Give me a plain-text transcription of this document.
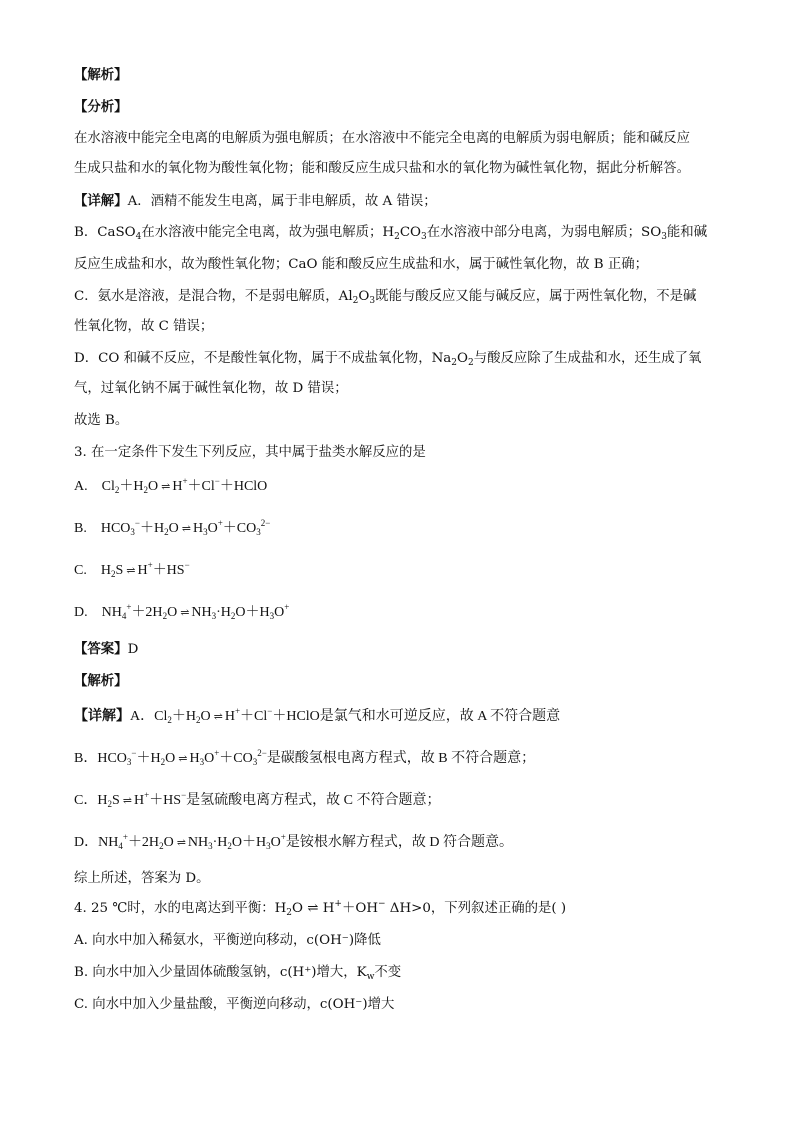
【解析】
【分析】
在水溶液中能完全电离的电解质为强电解质；在水溶液中不能完全电离的电解质为弱电解质；能和碱反应
生成只盐和水的氧化物为酸性氧化物；能和酸反应生成只盐和水的氧化物为碱性氧化物，据此分析解答。
【详解】A．酒精不能发生电离，属于非电解质，故 A 错误；
B．CaSO$_4$在水溶液中能完全电离，故为强电解质；$H_2CO_3$在水溶液中部分电离，为弱电解质；$SO_3$能和碱
反应生成盐和水，故为酸性氧化物；CaO 能和酸反应生成盐和水，属于碱性氧化物，故 B 正确；
C．氨水是溶液，是混合物，不是弱电解质，$Al_2O_3$既能与酸反应又能与碱反应，属于两性氧化物，不是碱
性氧化物，故 C 错误；
D．CO 和碱不反应，不是酸性氧化物，属于不成盐氧化物，$Na_2O_2$与酸反应除了生成盐和水，还生成了氧
气，过氧化钠不属于碱性氧化物，故 D 错误；
故选 B。
3. 在一定条件下发生下列反应，其中属于盐类水解反应的是
A. $Cl_2+H_2O$ ⇌ H+＋Cl−＋HClO
B. $HCO_3^-+H_2O$ ⇌ $H_3O^++CO_3^{2-}$
C. $H_2S$ ⇌ H+＋HS−
D. $NH_4^++2H_2O$ ⇌ $NH_3\cdot H_2O+H_3O^+$
【答案】D
【解析】
【详解】A．$Cl_2+H_2O$ ⇌ H+＋Cl−＋HClO是氯气和水可逆反应，故 A 不符合题意
B．$HCO_3^-+H_2O$ ⇌ $H_3O^++CO_3^{2-}$是碳酸氢根电离方程式，故 B 不符合题意；
C．$H_2S$ ⇌ H+＋HS−是氢硫酸电离方程式，故 C 不符合题意；
D．$NH_4^++2H_2O$ ⇌ $NH_3\cdot H_2O+H_3O^+$是铵根水解方程式，故 D 符合题意。
综上所述，答案为 D。
4. 25 ℃时，水的电离达到平衡：$H_2O$ ⇌ H+＋OH− ΔH>0，下列叙述正确的是( )
A. 向水中加入稀氨水，平衡逆向移动，c(OH⁻)降低
B. 向水中加入少量固体硫酸氢钠，c(H⁺)增大，$K_w$不变
C. 向水中加入少量盐酸，平衡逆向移动，c(OH⁻)增大
